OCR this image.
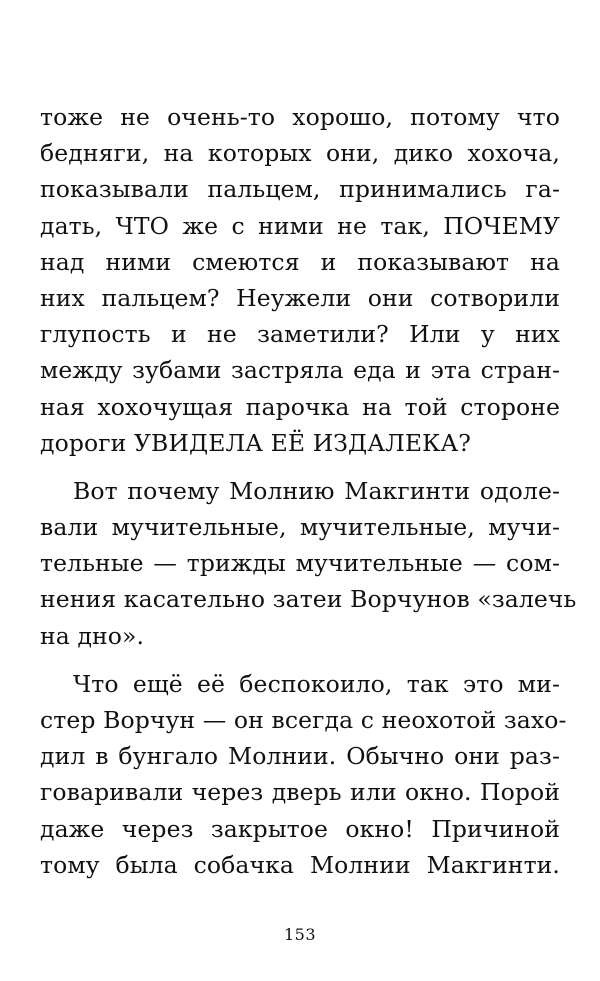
тоже не очень-то хорошо, потому что
бедняги, на которых они, дико хохоча,
показывали пальцем, принимались га-
дать, ЧТО же с ними не так, ПОЧЕМУ
над ними смеются и показывают на
них пальцем? Неужели они сотворили
глупость и не заметили? Или у них
между зубами застряла еда и эта стран-
ная хохочущая парочка на той стороне
дороги УВИДЕЛА ЕЁ ИЗДАЛЕКА?
Вот почему Молнию Макгинти одоле-
вали мучительные, мучительные, мучи-
тельные — трижды мучительные — сом-
нения касательно затеи Ворчунов «залечь
на дно».
Что ещё её беспокоило, так это ми-
стер Ворчун — он всегда с неохотой захо-
дил в бунгало Молнии. Обычно они раз-
говаривали через дверь или окно. Порой
даже через закрытое окно! Причиной
тому была собачка Молнии Макгинти.
153
